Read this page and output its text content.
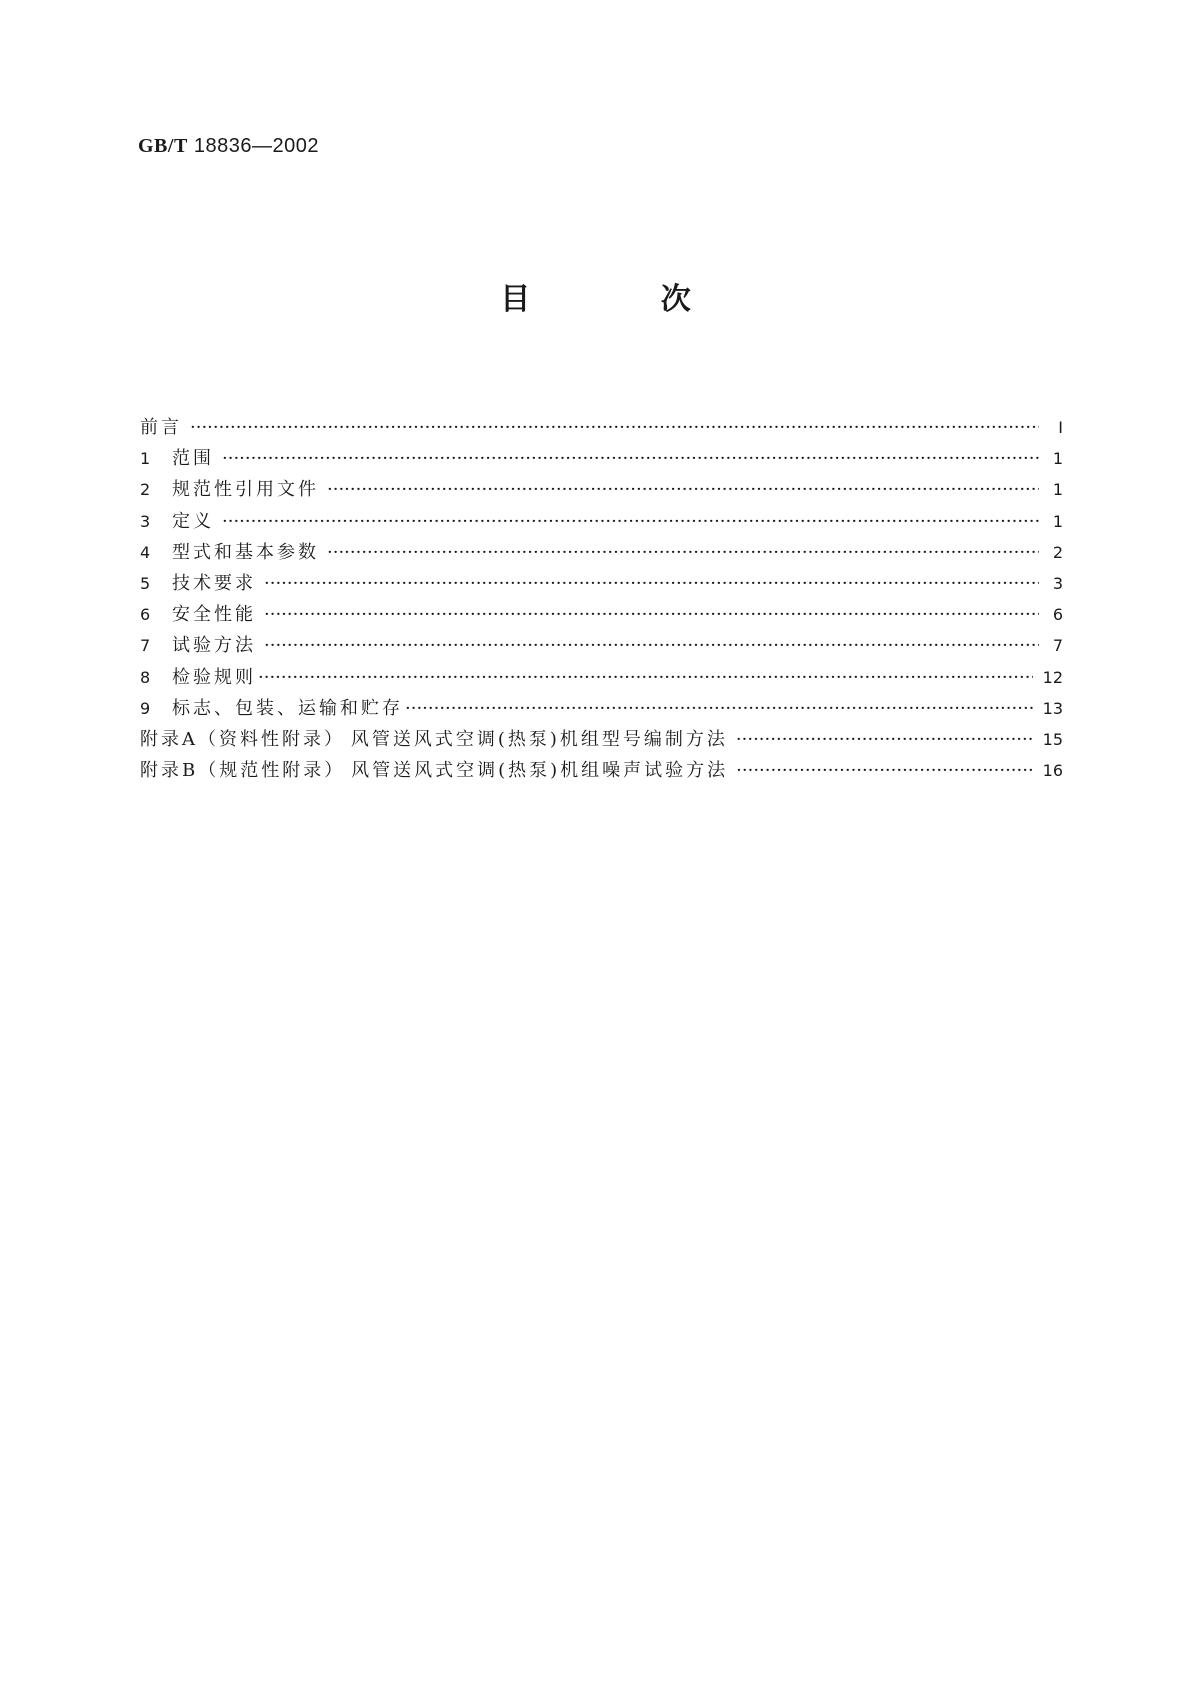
GB/T 18836—2002
目 次
前言 ·····	Ⅰ
1	范围 ·····	1
2	规范性引用文件 ·····	1
3	定义 ·····	1
4	型式和基本参数 ·····	2
5	技术要求 ·····	3
6	安全性能 ·····	6
7	试验方法 ·····	7
8	检验规则 ·····	12
9	标志、包装、运输和贮存 ·····	13
附录A（资料性附录） 风管送风式空调(热泵)机组型号编制方法 ·····	15
附录B（规范性附录） 风管送风式空调(热泵)机组噪声试验方法 ·····	16
